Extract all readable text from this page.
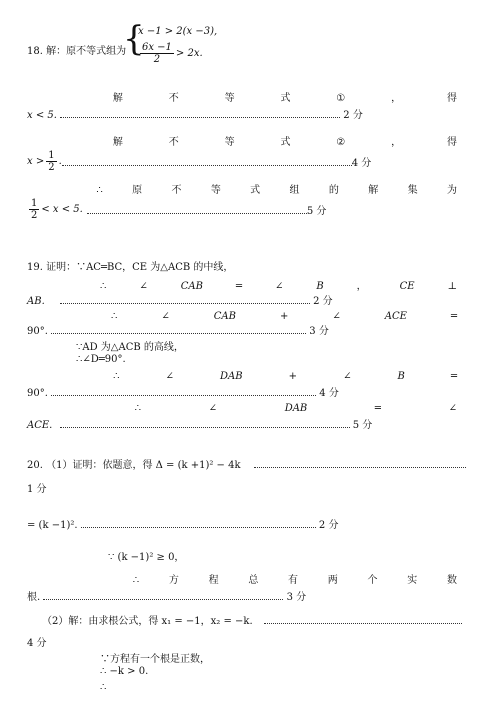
18. 解：原不等式组为
{
x −1 > 2(x −3),
$\frac{6x -1}{2} > 2x$.
解	不	等	式	①	，	得
x < 5.	2 分
解	不	等	式	②	，	得
$x > \frac{1}{2}$ .	4 分
∴	原	不	等	式	组	的	解	集	为
$\frac{1}{2} < x < 5$.	5 分
19. 证明：∵AC═BC，CE 为△ACB 的中线，
∴	∠	CAB	═	∠	B	，	CE	⊥
AB.	2 分
∴	∠	CAB	+	∠	ACE	═
90°.	3 分
∵AD 为△ACB 的高线，
∴∠D═90°.
∴	∠	DAB	+	∠	B	═
90°.	4 分
∴	∠	DAB	═	∠
ACE.	5 分
20. （1）证明：依题意，得 Δ = (k +1)² − 4k
1 分
= (k −1)².	2 分
∵ (k −1)² ≥ 0，
∴	方	程	总	有	两	个	实	数
根.	3 分
（2）解：由求根公式，得 x₁ = −1，x₂ = −k.
4 分
∵方程有一个根是正数，
∴ −k > 0.
∴
